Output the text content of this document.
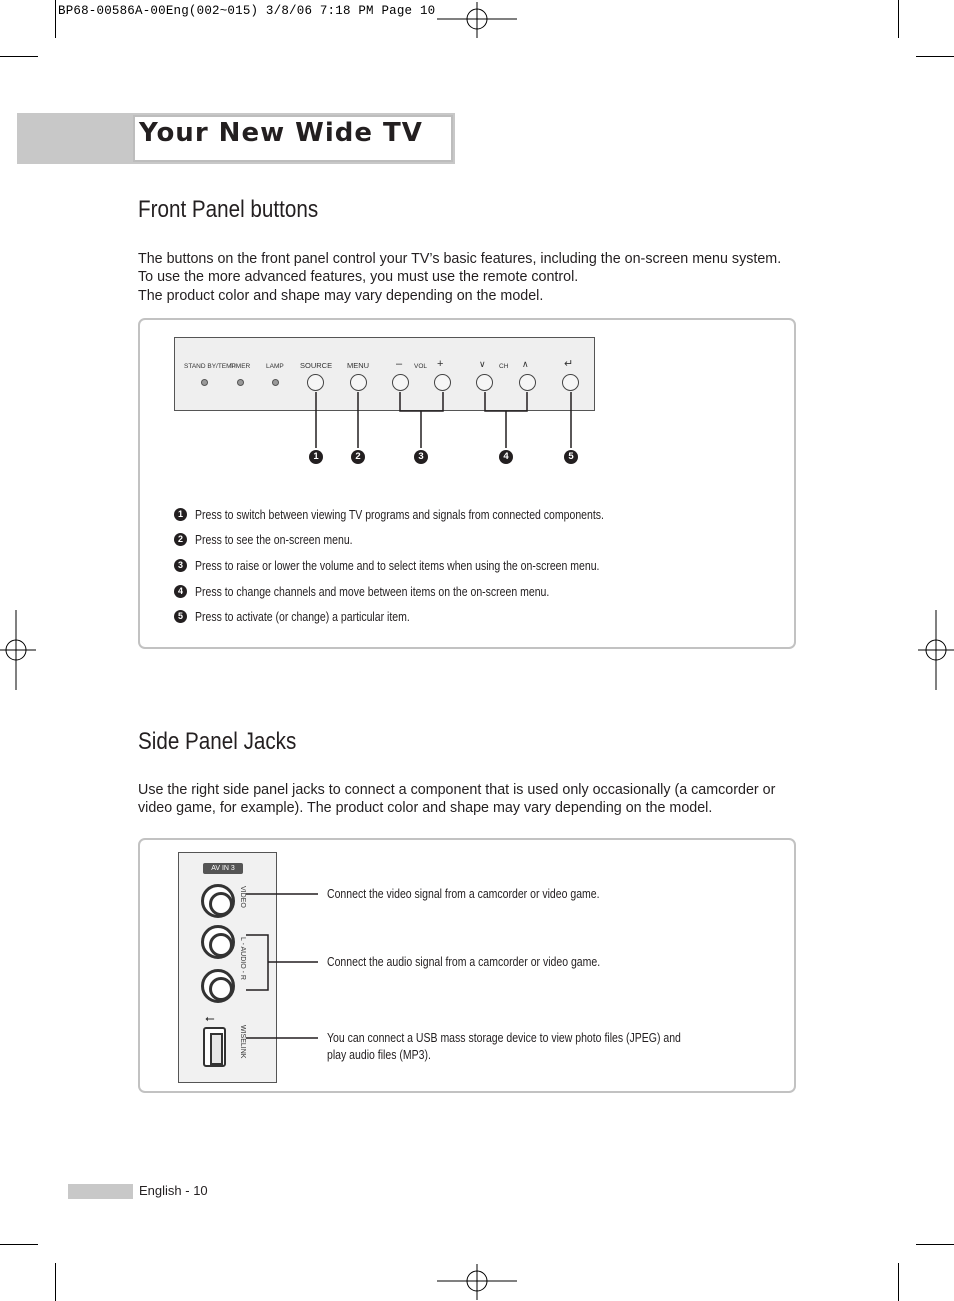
BP68-00586A-00Eng(002~015) 3/8/06 7:18 PM Page 10
Your New Wide TV
Front Panel buttons
The buttons on the front panel control your TV’s basic features, including the on-screen menu system.
To use the more advanced features, you must use the remote control.
The product color and shape may vary depending on the model.
STAND BY/TEMP
TIMER LAMP SOURCE MENU – VOL +	∨ CH ∧	↵
1	2	3	4	5
1 Press to switch between viewing TV programs and signals from connected components.
2 Press to see the on-screen menu.
3 Press to raise or lower the volume and to select items when using the on-screen menu.
4 Press to change channels and move between items on the on-screen menu.
5 Press to activate (or change) a particular item.
Side Panel Jacks
Use the right side panel jacks to connect a component that is used only occasionally (a camcorder or
video game, for example). The product color and shape may vary depending on the model.
AV IN 3
VIDEO
L - AUDIO - R
⭠
WISELINK
Connect the video signal from a camcorder or video game.
Connect the audio signal from a camcorder or video game.
You can connect a USB mass storage device to view photo files (JPEG) and
play audio files (MP3).
English - 10
